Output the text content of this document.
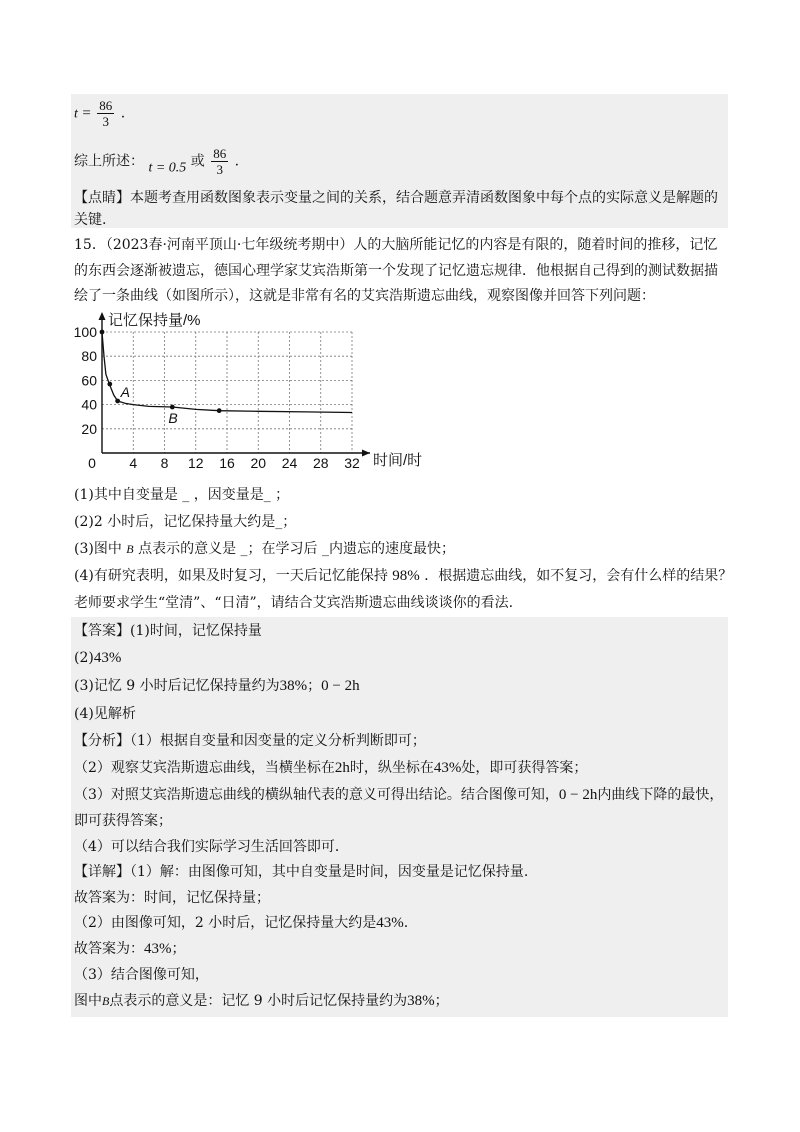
$t = \frac{86}{3}$ .
综上所述： t = 0.5 或 $\frac{86}{3}$ .
【点睛】本题考查用函数图象表示变量之间的关系，结合题意弄清函数图象中每个点的实际意义是解题的
关键.
15．（2023春·河南平顶山·七年级统考期中）人的大脑所能记忆的内容是有限的，随着时间的推移，记忆
的东西会逐渐被遗忘，德国心理学家艾宾浩斯第一个发现了记忆遗忘规律．他根据自己得到的测试数据描
绘了一条曲线（如图所示），这就是非常有名的艾宾浩斯遗忘曲线，观察图像并回答下列问题：
0 4 8 12 16 20 24 28 32
20
40
60
80
100
记忆保持量/%
时间/时
A
B
(1)其中自变量是 _ ，因变量是_ ；
(2)2 小时后，记忆保持量大约是_；
(3)图中 B 点表示的意义是 _；在学习后 _内遗忘的速度最快；
(4)有研究表明，如果及时复习，一天后记忆能保持 98% ．根据遗忘曲线，如不复习，会有什么样的结果？
老师要求学生“堂清”、“日清”，请结合艾宾浩斯遗忘曲线谈谈你的看法.
【答案】(1)时间，记忆保持量
(2)43%
(3)记忆 9 小时后记忆保持量约为38%；0 − 2h
(4)见解析
【分析】（1）根据自变量和因变量的定义分析判断即可；
（2）观察艾宾浩斯遗忘曲线，当横坐标在2h时，纵坐标在43%处，即可获得答案；
（3）对照艾宾浩斯遗忘曲线的横纵轴代表的意义可得出结论。结合图像可知，0 − 2h内曲线下降的最快，
即可获得答案；
（4）可以结合我们实际学习生活回答即可．
【详解】（1）解：由图像可知，其中自变量是时间，因变量是记忆保持量.
故答案为：时间，记忆保持量；
（2）由图像可知，2 小时后，记忆保持量大约是43%.
故答案为：43%；
（3）结合图像可知，
图中B点表示的意义是：记忆 9 小时后记忆保持量约为38%；
